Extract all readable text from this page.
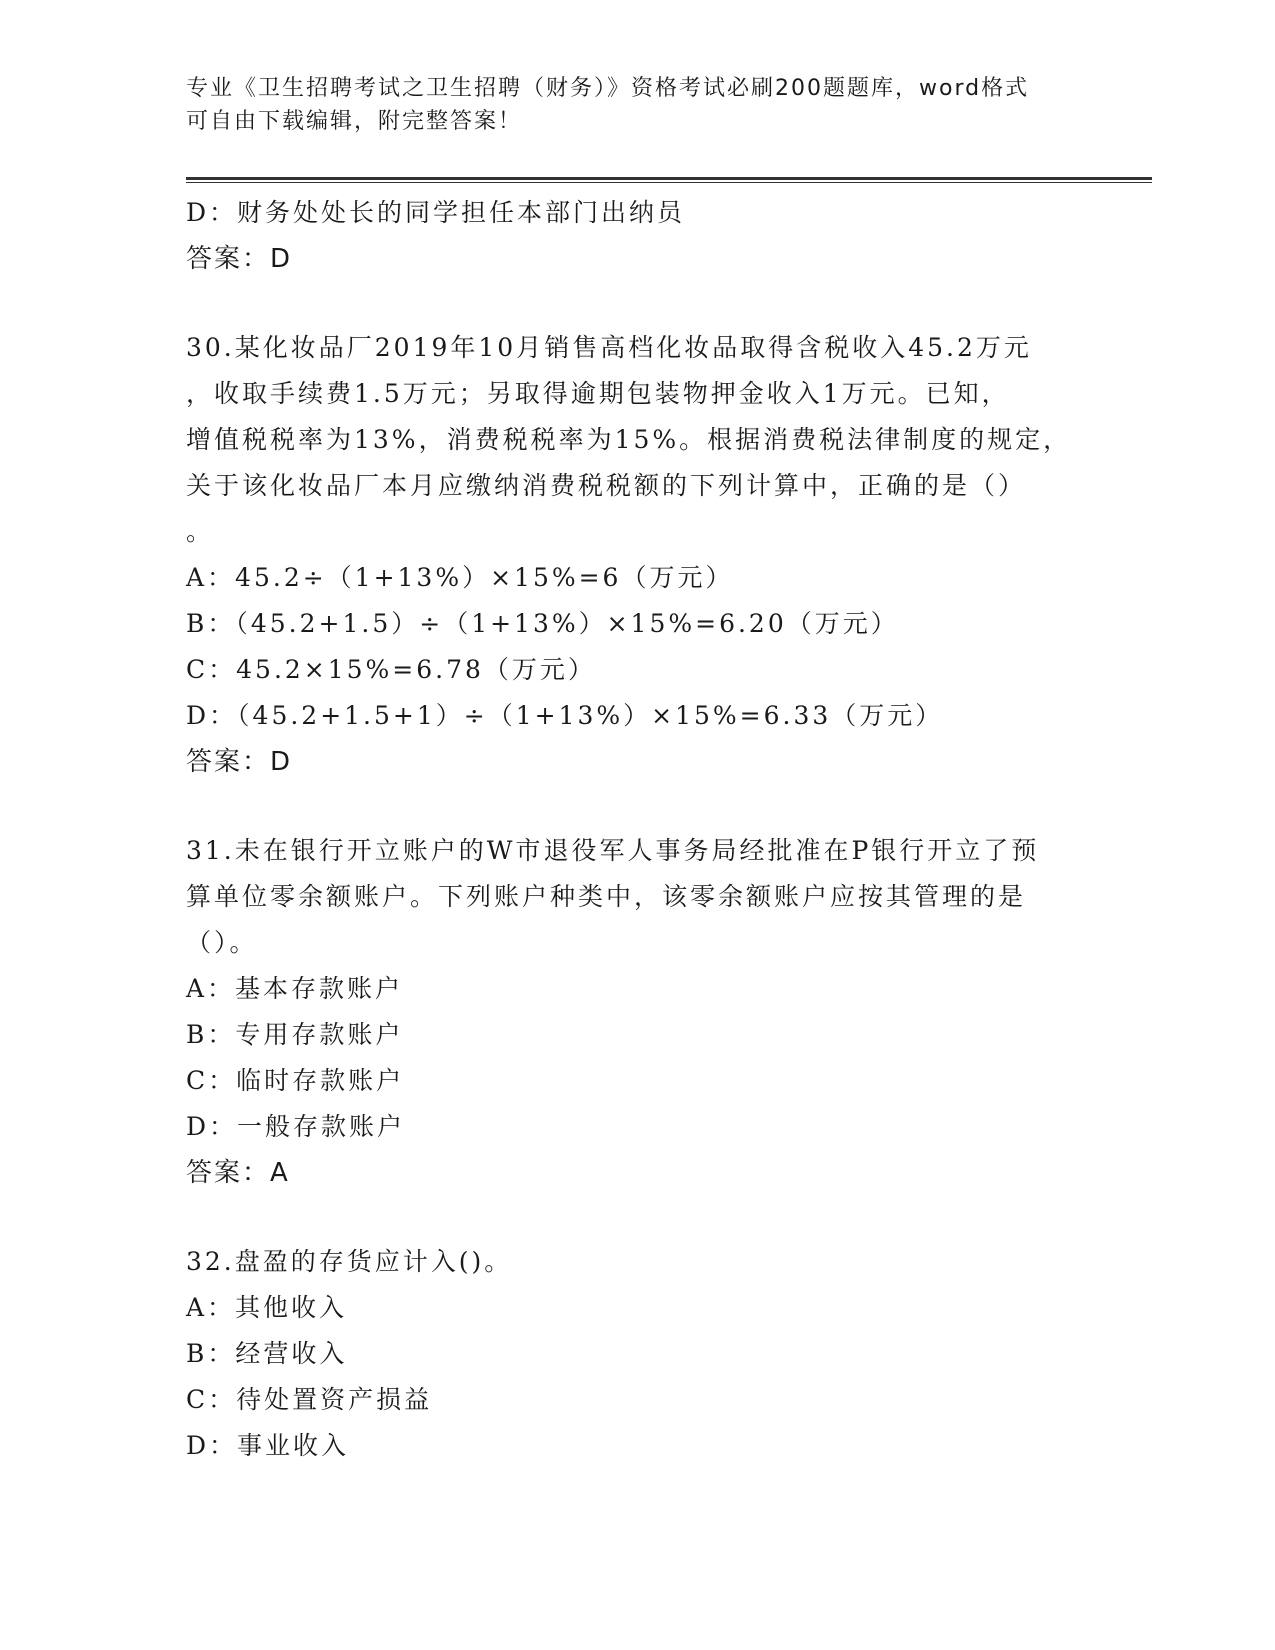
专业《卫生招聘考试之卫生招聘（财务）》资格考试必刷200题题库，word格式
可自由下载编辑，附完整答案！
D：财务处处长的同学担任本部门出纳员
答案：D
30.某化妆品厂2019年10月销售高档化妆品取得含税收入45.2万元
，收取手续费1.5万元；另取得逾期包装物押金收入1万元。已知，
增值税税率为13%，消费税税率为15%。根据消费税法律制度的规定，
关于该化妆品厂本月应缴纳消费税税额的下列计算中，正确的是（）
。
A：45.2÷（1+13%）×15%=6（万元）
B：（45.2+1.5）÷（1+13%）×15%=6.20（万元）
C：45.2×15%=6.78（万元）
D：（45.2+1.5+1）÷（1+13%）×15%=6.33（万元）
答案：D
31.未在银行开立账户的W市退役军人事务局经批准在P银行开立了预
算单位零余额账户。下列账户种类中，该零余额账户应按其管理的是
（）。
A：基本存款账户
B：专用存款账户
C：临时存款账户
D：一般存款账户
答案：A
32.盘盈的存货应计入()。
A：其他收入
B：经营收入
C：待处置资产损益
D：事业收入
